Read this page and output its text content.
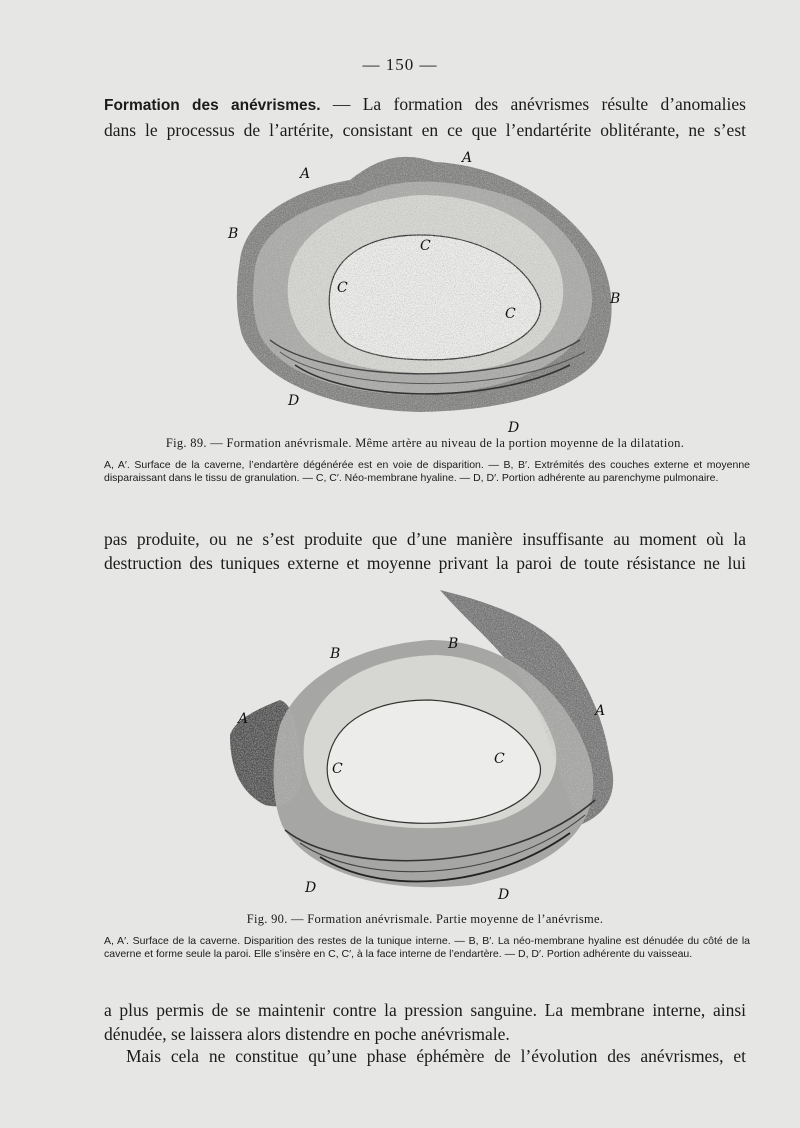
— 150 —
Formation des anévrismes. — La formation des anévrismes résulte d’anomalies
dans le processus de l’artérite, consistant en ce que l’endartérite oblitérante, ne s’est
A
A
B
B
C
C
C
D
D
Fig. 89. — Formation anévrismale. Même artère au niveau de la portion moyenne de la dilatation.
A, A′. Surface de la caverne, l’endartère dégénérée est en voie de disparition. — B, B′. Extrémités des couches externe et moyenne disparaissant dans le tissu de granulation. — C, C′. Néo-membrane hyaline. — D, D′. Portion adhérente au parenchyme pulmonaire.
pas produite, ou ne s’est produite que d’une manière insuffisante au moment où la
destruction des tuniques externe et moyenne privant la paroi de toute résistance ne lui
B
B
A	A
C
C
D	D
Fig. 90. — Formation anévrismale. Partie moyenne de l’anévrisme.
A, A′. Surface de la caverne. Disparition des restes de la tunique interne. — B, B′. La néo-membrane hyaline est dénudée du côté de la caverne et forme seule la paroi. Elle s’insère en C, C′, à la face interne de l’endartère. — D, D′. Portion adhérente du vaisseau.
a plus permis de se maintenir contre la pression sanguine. La membrane interne, ainsi
dénudée, se laissera alors distendre en poche anévrismale.
Mais cela ne constitue qu’une phase éphémère de l’évolution des anévrismes, et
